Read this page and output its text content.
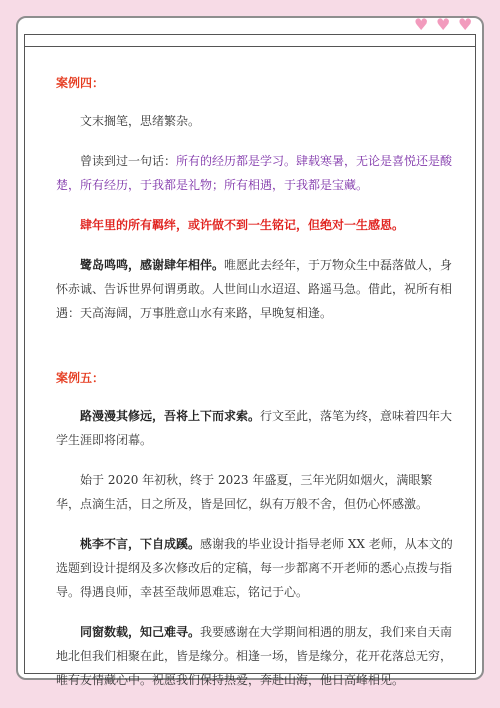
♥ ♥ ♥
案例四：

文末搁笔，思绪繁杂。

曾读到过一句话：所有的经历都是学习。肆载寒暑，无论是喜悦还是酸楚，所有经历，于我都是礼物；所有相遇，于我都是宝藏。

肆年里的所有羁绊，或许做不到一生铭记，但绝对一生感恩。

鹭岛鸣鸣，感谢肆年相伴。唯愿此去经年，于万物众生中磊落做人，身怀赤诚、告诉世界何谓勇敢。人世间山水迢迢、路遥马急。借此，祝所有相遇：天高海阔，万事胜意山水有来路，早晚复相逢。

案例五：

路漫漫其修远，吾将上下而求索。行文至此，落笔为终，意味着四年大学生涯即将闭幕。

始于 2020 年初秋，终于 2023 年盛夏，三年光阴如烟火，满眼繁华，点滴生活，日之所及，皆是回忆，纵有万般不舍，但仍心怀感激。

桃李不言，下自成蹊。感谢我的毕业设计指导老师 XX 老师，从本文的选题到设计提纲及多次修改后的定稿，每一步都离不开老师的悉心点拨与指导。得遇良师，幸甚至哉师恩难忘，铭记于心。

同窗数载，知己难寻。我要感谢在大学期间相遇的朋友，我们来自天南地北但我们相聚在此，皆是缘分。相逢一场，皆是缘分，花开花落总无穷，唯有友情藏心中。祝愿我们保持热爱，奔赴山海，他日高峰相见。
